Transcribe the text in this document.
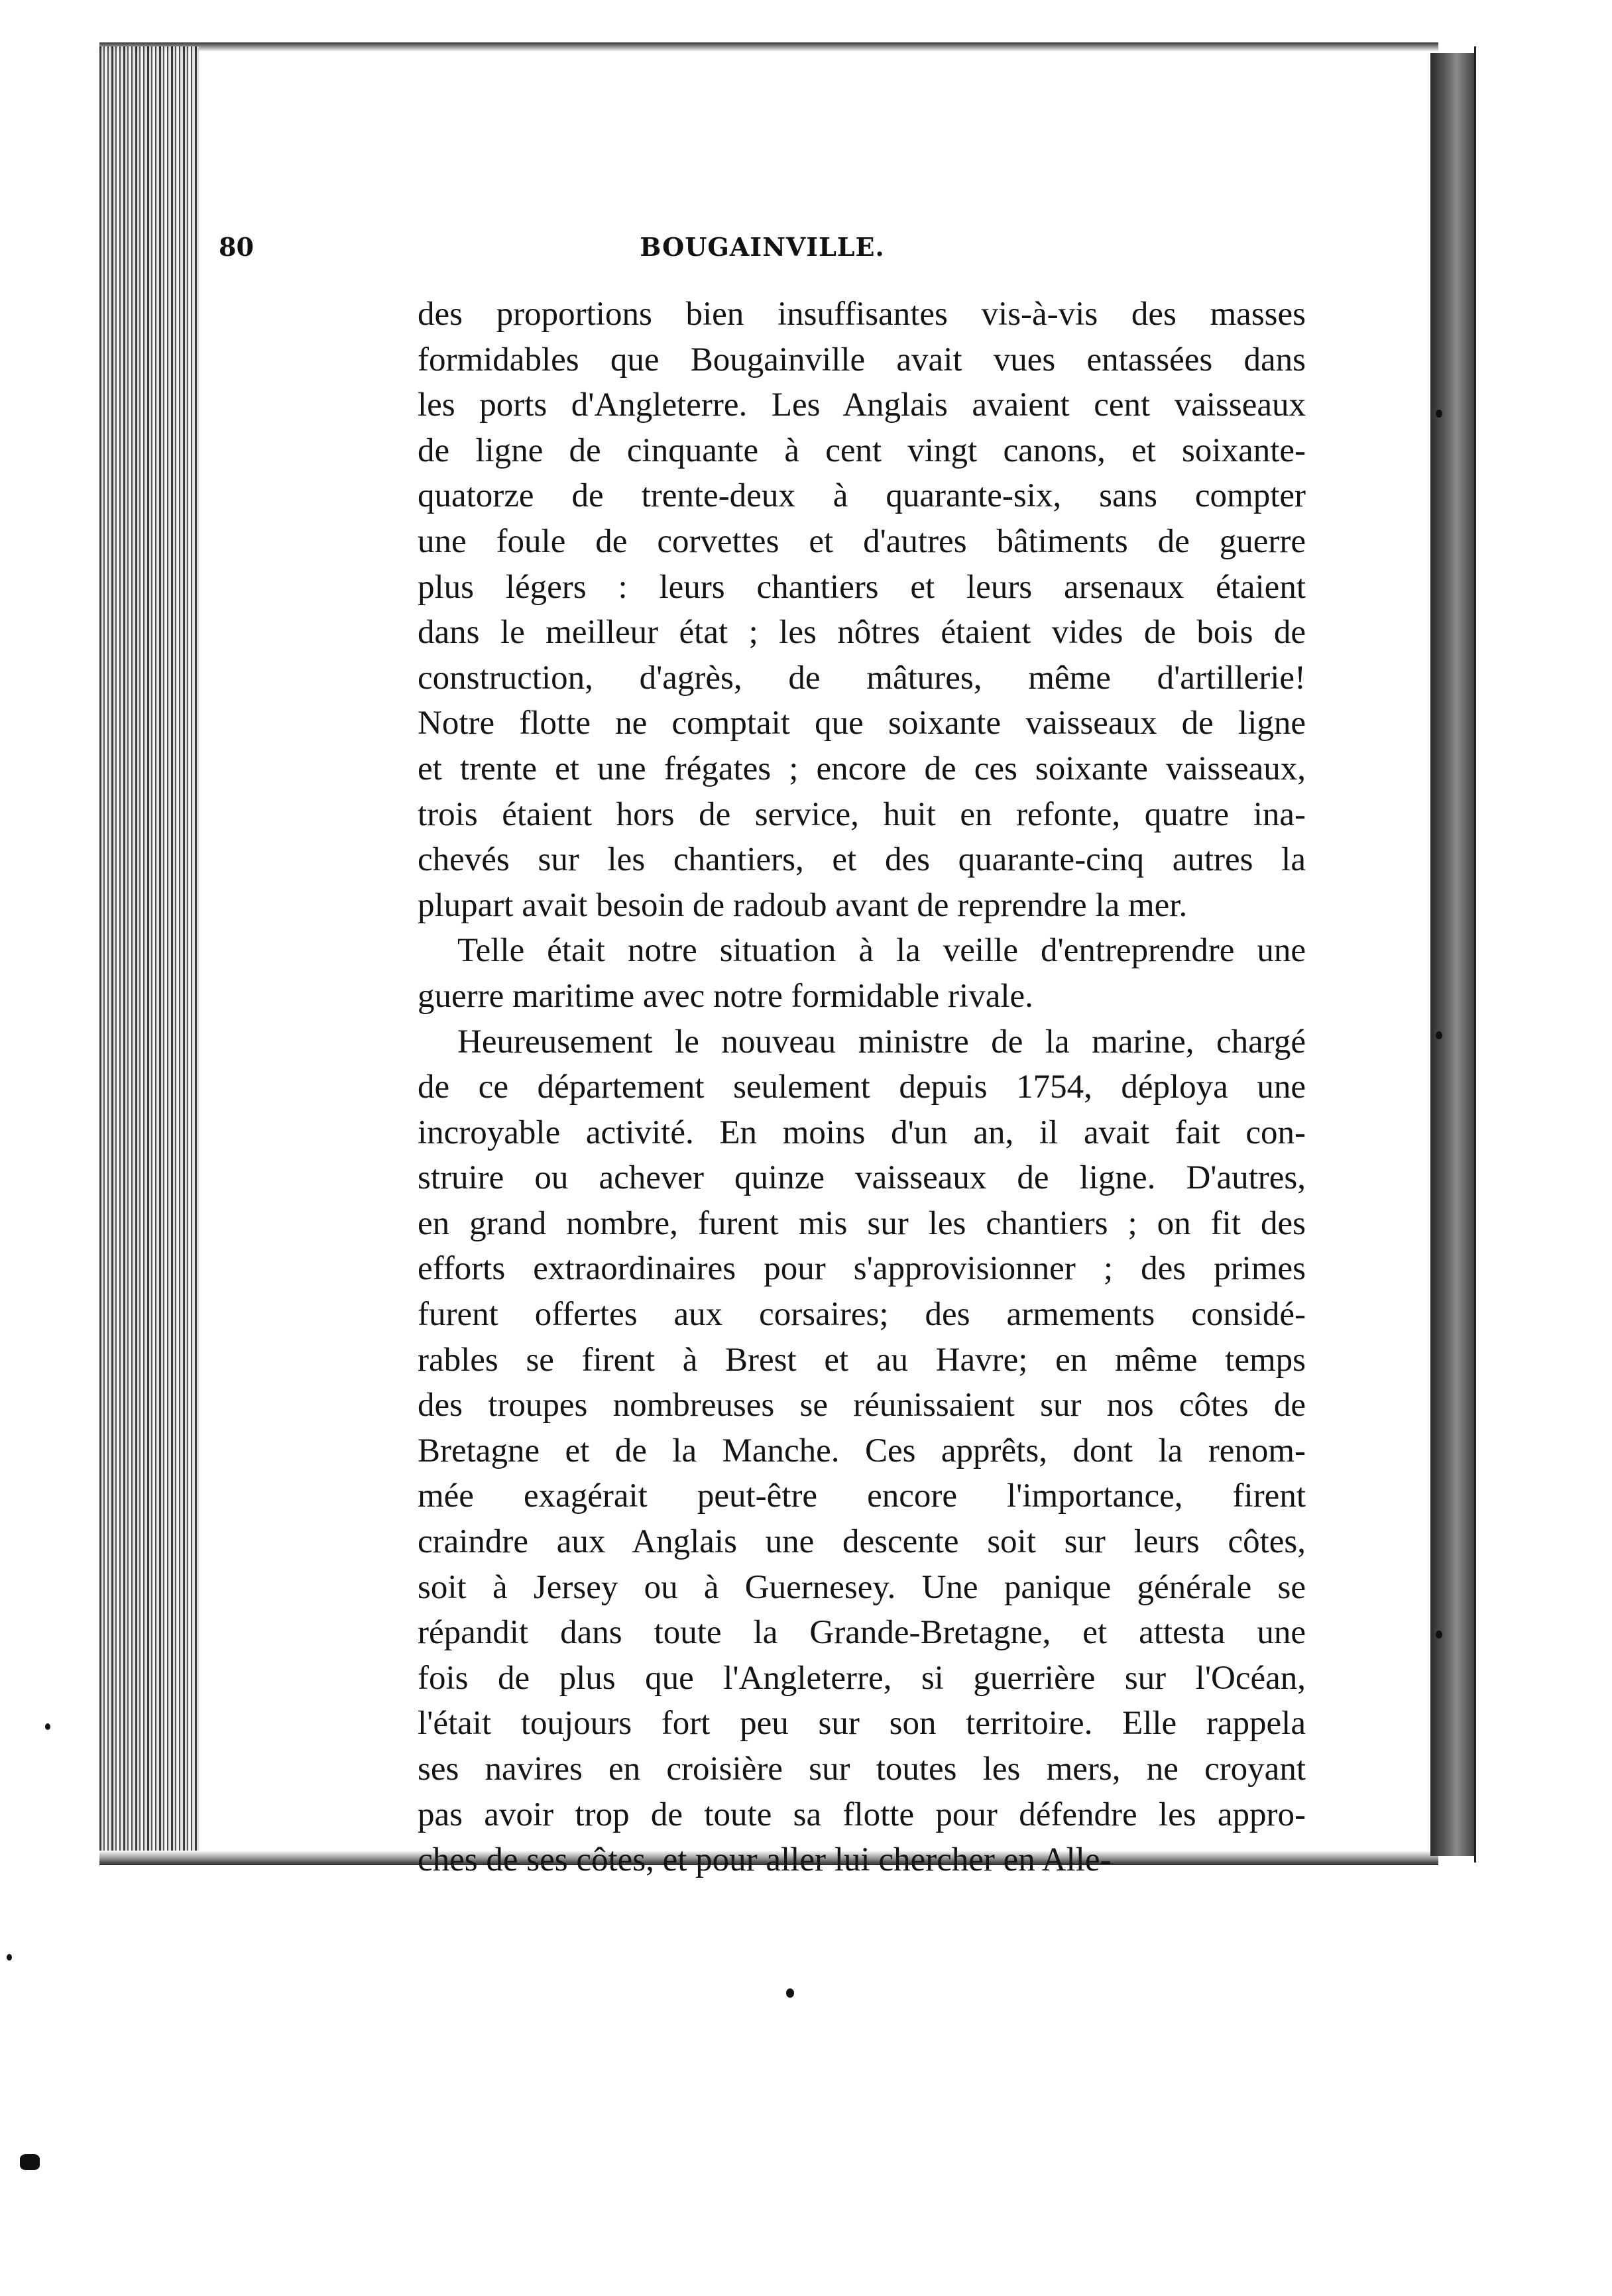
80	BOUGAINVILLE.
des proportions bien insuffisantes vis-à-vis des masses
formidables que Bougainville avait vues entassées dans
les ports d'Angleterre. Les Anglais avaient cent vaisseaux
de ligne de cinquante à cent vingt canons, et soixante-
quatorze de trente-deux à quarante-six, sans compter
une foule de corvettes et d'autres bâtiments de guerre
plus légers : leurs chantiers et leurs arsenaux étaient
dans le meilleur état ; les nôtres étaient vides de bois de
construction, d'agrès, de mâtures, même d'artillerie!
Notre flotte ne comptait que soixante vaisseaux de ligne
et trente et une frégates ; encore de ces soixante vaisseaux,
trois étaient hors de service, huit en refonte, quatre ina-
chevés sur les chantiers, et des quarante-cinq autres la
plupart avait besoin de radoub avant de reprendre la mer.
Telle était notre situation à la veille d'entreprendre une
guerre maritime avec notre formidable rivale.
Heureusement le nouveau ministre de la marine, chargé
de ce département seulement depuis 1754, déploya une
incroyable activité. En moins d'un an, il avait fait con-
struire ou achever quinze vaisseaux de ligne. D'autres,
en grand nombre, furent mis sur les chantiers ; on fit des
efforts extraordinaires pour s'approvisionner ; des primes
furent offertes aux corsaires; des armements considé-
rables se firent à Brest et au Havre; en même temps
des troupes nombreuses se réunissaient sur nos côtes de
Bretagne et de la Manche. Ces apprêts, dont la renom-
mée exagérait peut-être encore l'importance, firent
craindre aux Anglais une descente soit sur leurs côtes,
soit à Jersey ou à Guernesey. Une panique générale se
répandit dans toute la Grande-Bretagne, et attesta une
fois de plus que l'Angleterre, si guerrière sur l'Océan,
l'était toujours fort peu sur son territoire. Elle rappela
ses navires en croisière sur toutes les mers, ne croyant
pas avoir trop de toute sa flotte pour défendre les appro-
ches de ses côtes, et pour aller lui chercher en Alle-
